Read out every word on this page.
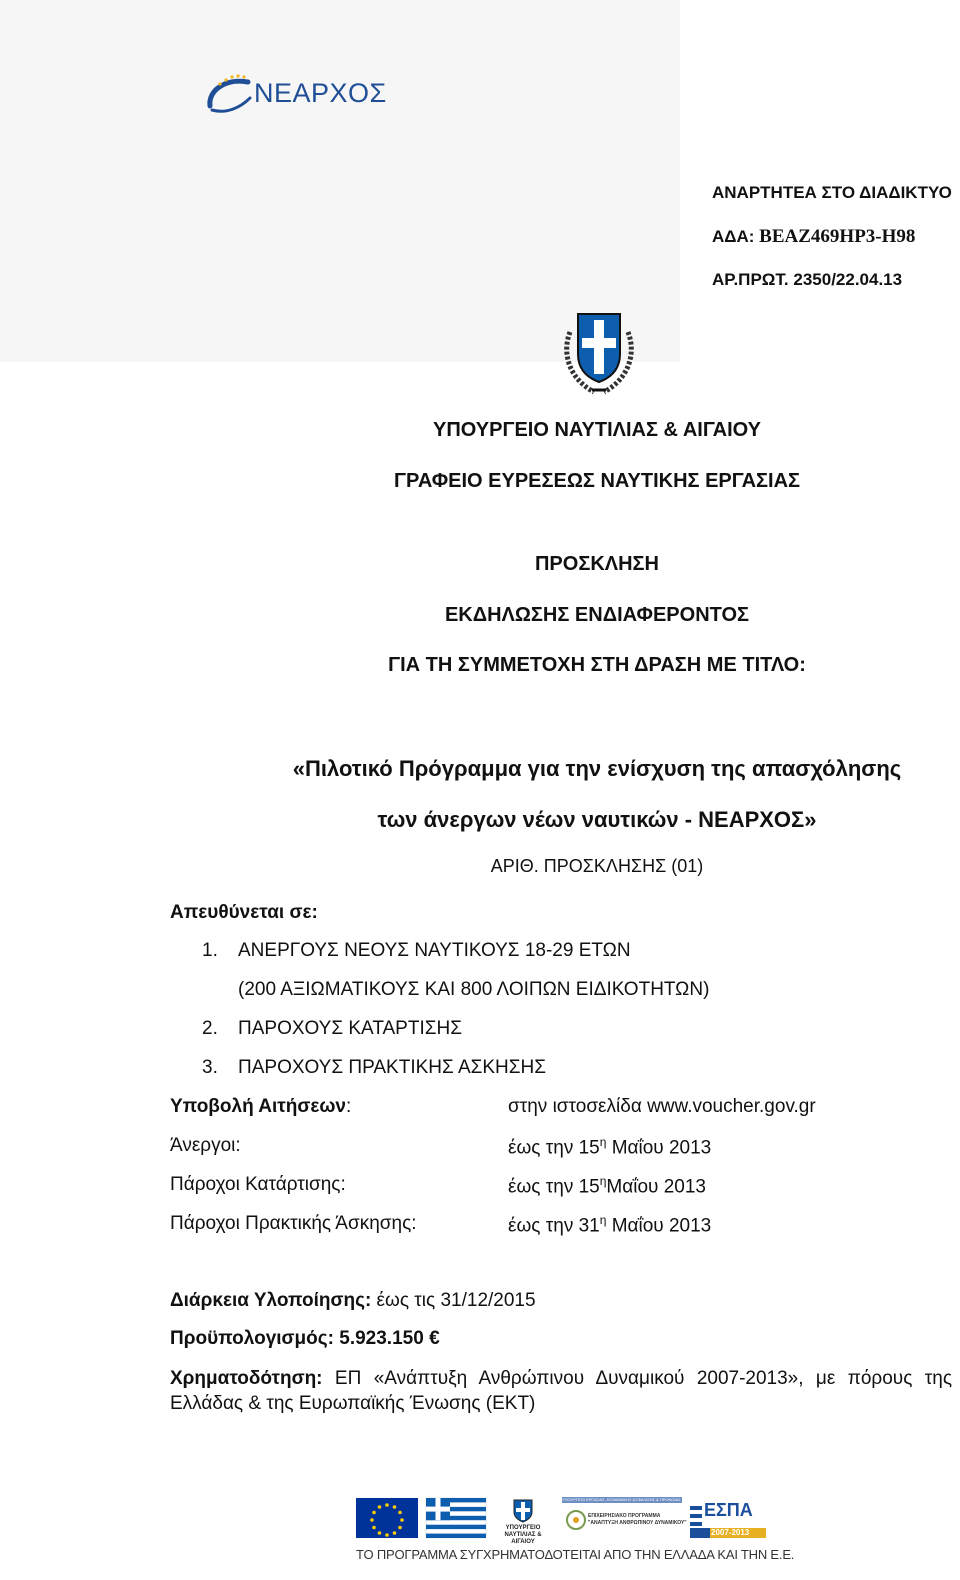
ΝΕΑΡΧΟΣ
ΑΝΑΡΤΗΤΕΑ ΣΤΟ ΔΙΑΔΙΚΤΥΟ
ΑΔΑ: ΒΕΑΖ469ΗΡ3-Η98
ΑΡ.ΠΡΩΤ. 2350/22.04.13
ΥΠΟΥΡΓΕΙΟ ΝΑΥΤΙΛΙΑΣ & ΑΙΓΑΙΟΥ
ΓΡΑΦΕΙΟ ΕΥΡΕΣΕΩΣ ΝΑΥΤΙΚΗΣ ΕΡΓΑΣΙΑΣ
ΠΡΟΣΚΛΗΣΗ
ΕΚΔΗΛΩΣΗΣ ΕΝΔΙΑΦΕΡΟΝΤΟΣ
ΓΙΑ ΤΗ ΣΥΜΜΕΤΟΧΗ ΣΤΗ ΔΡΑΣΗ ΜΕ ΤΙΤΛΟ:
«Πιλοτικό Πρόγραμμα για την ενίσχυση της απασχόλησης
των άνεργων νέων ναυτικών - ΝΕΑΡΧΟΣ»
ΑΡΙΘ. ΠΡΟΣΚΛΗΣΗΣ (01)
Απευθύνεται σε:
1. ΑΝΕΡΓΟΥΣ ΝΕΟΥΣ ΝΑΥΤΙΚΟΥΣ 18-29 ΕΤΩΝ
(200 ΑΞΙΩΜΑΤΙΚΟΥΣ ΚΑΙ 800 ΛΟΙΠΩΝ ΕΙΔΙΚΟΤΗΤΩΝ)
2. ΠΑΡΟΧΟΥΣ ΚΑΤΑΡΤΙΣΗΣ
3. ΠΑΡΟΧΟΥΣ ΠΡΑΚΤΙΚΗΣ ΑΣΚΗΣΗΣ
Υποβολή Αιτήσεων:	στην ιστοσελίδα www.voucher.gov.gr
Άνεργοι:	έως την $15^\eta$ Μαΐου 2013
Πάροχοι Κατάρτισης:	έως την $15^\eta M\alpha ΐo\upsilon$ 2013
Πάροχοι Πρακτικής Άσκησης:	έως την $31^\eta$ Μαΐου 2013
Διάρκεια Υλοποίησης: έως τις 31/12/2015
Προϋπολογισμός: 5.923.150 €
Χρηματοδότηση: ΕΠ «Ανάπτυξη Ανθρώπινου Δυναμικού 2007-2013», με πόρους της Ελλάδας & της Ευρωπαϊκής Ένωσης (ΕΚΤ)
ΥΠΟΥΡΓΕΙΟ
ΝΑΥΤΙΛΙΑΣ & ΑΙΓΑΙΟΥ
ΥΠΟΥΡΓΕΙΟ ΕΡΓΑΣΙΑΣ, ΚΟΙΝΩΝΙΚΗΣ ΑΣΦΑΛΙΣΗΣ & ΠΡΟΝΟΙΑΣ
ΕΠΙΧΕΙΡΗΣΙΑΚΟ ΠΡΟΓΡΑΜΜΑ
"ΑΝΑΠΤΥΞΗ ΑΝΘΡΩΠΙΝΟΥ ΔΥΝΑΜΙΚΟΥ"
ΕΣΠΑ
2007-2013
ΤΟ ΠΡΟΓΡΑΜΜΑ ΣΥΓΧΡΗΜΑΤΟΔΟΤΕΙΤΑΙ ΑΠΟ ΤΗΝ ΕΛΛΑΔΑ ΚΑΙ ΤΗΝ Ε.Ε.
